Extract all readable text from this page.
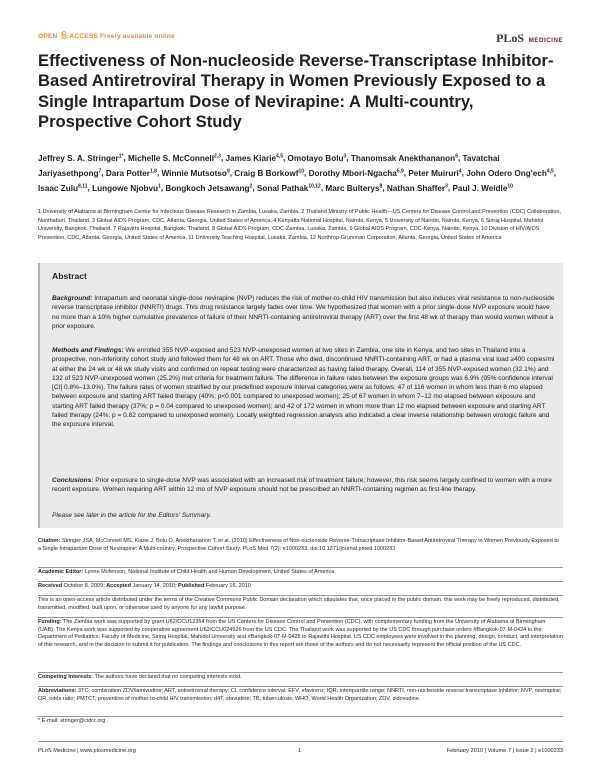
OPEN ACCESS Freely available online	PLoS MEDICINE
Effectiveness of Non-nucleoside Reverse-Transcriptase Inhibitor-Based Antiretroviral Therapy in Women Previously Exposed to a Single Intrapartum Dose of Nevirapine: A Multi-country, Prospective Cohort Study
Jeffrey S. A. Stringer$^{1*}$, Michelle S. McConnell$^{2,3}$, James Kiarie$^{4,5}$, Omotayo Bolu$^3$, Thanomsak Anekthananon$^6$, Tavatchai Jariyasethpong$^7$, Dara Potter$^{1,8}$, Winnie Mutsotso$^9$, Craig B Borkowf$^{10}$, Dorothy Mbori-Ngacha$^{5,9}$, Peter Muiruri$^4$, John Odero Ong'ech$^{4,5}$, Isaac Zulu$^{8,11}$, Lungowe Njobvu$^1$, Bongkoch Jetsawang$^2$, Sonal Pathak$^{10,12}$, Marc Bulterys$^8$, Nathan Shaffer$^3$, Paul J. Weidle$^{10}$
1 University of Alabama at Birmingham Centre for Infectious Disease Research in Zambia, Lusaka, Zambia, 2 Thailand Ministry of Public Health—US Centers for Disease Control and Prevention (CDC) Collaboration, Nonthaburi, Thailand, 3 Global AIDS Program, CDC, Atlanta, Georgia, United States of America, 4 Kenyatta National Hospital, Nairobi, Kenya, 5 University of Nairobi, Nairobi, Kenya, 6 Siriraj Hospital, Mahidol University, Bangkok, Thailand, 7 Rajavithi Hospital, Bangkok, Thailand, 8 Global AIDS Program, CDC-Zambia, Lusaka, Zambia, 9 Global AIDS Program, CDC-Kenya, Nairobi, Kenya, 10 Division of HIV/AIDS Prevention, CDC, Atlanta, Georgia, United States of America, 11 University Teaching Hospital, Lusaka, Zambia, 12 Northrop-Grumman Corporation, Atlanta, Georgia, United States of America
Abstract
Background: Intrapartum and neonatal single-dose nevirapine (NVP) reduces the risk of mother-to-child HIV transmission but also induces viral resistance to non-nucleoside reverse transcriptase inhibitor (NNRTI) drugs. This drug resistance largely fades over time. We hypothesized that women with a prior single-dose NVP exposure would have no more than a 10% higher cumulative prevalence of failure of their NNRTI-containing antiretroviral therapy (ART) over the first 48 wk of therapy than would women without a prior exposure.
Methods and Findings: We enrolled 355 NVP-exposed and 523 NVP-unexposed women at two sites in Zambia, one site in Kenya, and two sites in Thailand into a prospective, non-inferiority cohort study and followed them for 48 wk on ART. Those who died, discontinued NNRTI-containing ART, or had a plasma viral load ≥400 copies/ml at either the 24 wk or 48 wk study visits and confirmed on repeat testing were characterized as having failed therapy. Overall, 114 of 355 NVP-exposed women (32.1%) and 132 of 523 NVP-unexposed women (25.2%) met criteria for treatment failure. The difference in failure rates between the exposure groups was 6.9% (95% confidence interval [CI] 0.8%–13.0%). The failure rates of women stratified by our predefined exposure interval categories were as follows: 47 of 116 women in whom less than 6 mo elapsed between exposure and starting ART failed therapy (40%; p<0.001 compared to unexposed women); 25 of 67 women in whom 7–12 mo elapsed between exposure and starting ART failed therapy (37%; p = 0.04 compared to unexposed women); and 42 of 172 women in whom more than 12 mo elapsed between exposure and starting ART failed therapy (24%; p = 0.82 compared to unexposed women). Locally weighted regression analysis also indicated a clear inverse relationship between virologic failure and the exposure interval.
Conclusions: Prior exposure to single-dose NVP was associated with an increased risk of treatment failure; however, this risk seems largely confined to women with a more recent exposure. Women requiring ART within 12 mo of NVP exposure should not be prescribed an NNRTI-containing regimen as first-line therapy.
Please see later in the article for the Editors' Summary.
Citation: Stringer JSA, McConnell MS, Kiarie J, Bolu O, Anekthananon T, et al. (2010) Effectiveness of Non-nucleoside Reverse-Transcriptase Inhibitor-Based Antiretroviral Therapy in Women Previously Exposed to a Single Intrapartum Dose of Nevirapine: A Multi-country, Prospective Cohort Study. PLoS Med 7(2): e1000233. doi:10.1371/journal.pmed.1000233
Academic Editor: Lynne Mofenson, National Institute of Child Health and Human Development, United States of America
Received October 8, 2009; Accepted January 14, 2010; Published February 16, 2010
This is an open-access article distributed under the terms of the Creative Commons Public Domain declaration which stipulates that, once placed in the public domain, this work may be freely reproduced, distributed, transmitted, modified, built upon, or otherwise used by anyone for any lawful purpose.
Funding: The Zambia work was supported by grant U62/CCU12354 from the US Centers for Disease Control and Prevention (CDC), with complementary funding from the University of Alabama at Birmingham (UAB). The Kenya work was supported by cooperative agreement U62/CCU024526 from the US CDC. The Thailand work was supported by the US CDC through purchase orders #Bangkok-07-M-0424 to the Department of Pediatrics, Faculty of Medicine, Siriraj Hospital, Mahidol University and #Bangkok-07-M-0425 to Rajavithi Hospital. US CDC employees were involved in the planning, design, conduct, and interpretation of this research, and in the decision to submit it for publication. The findings and conclusions in this report are those of the authors and do not necessarily represent the official position of the US CDC.
Competing Interests: The authors have declared that no competing interests exist.
Abbreviations: 3TC, combination ZDV/lamivudine; ART, antiretroviral therapy; CI, confidence interval; EFV, efavirenz; IQR, interquartile range; NNRTI, non-nucleoside reverse transcriptase inhibitor; NVP, nevirapine; OR, odds ratio; PMTCT, prevention of mother-to-child HIV transmission; d4T, stavudine; TB, tuberculosis; WHO, World Health Organization; ZDV, zidovudine.
* E-mail: stringer@cidrz.org
PLoS Medicine | www.plosmedicine.org	1	February 2010 | Volume 7 | Issue 2 | e1000233
